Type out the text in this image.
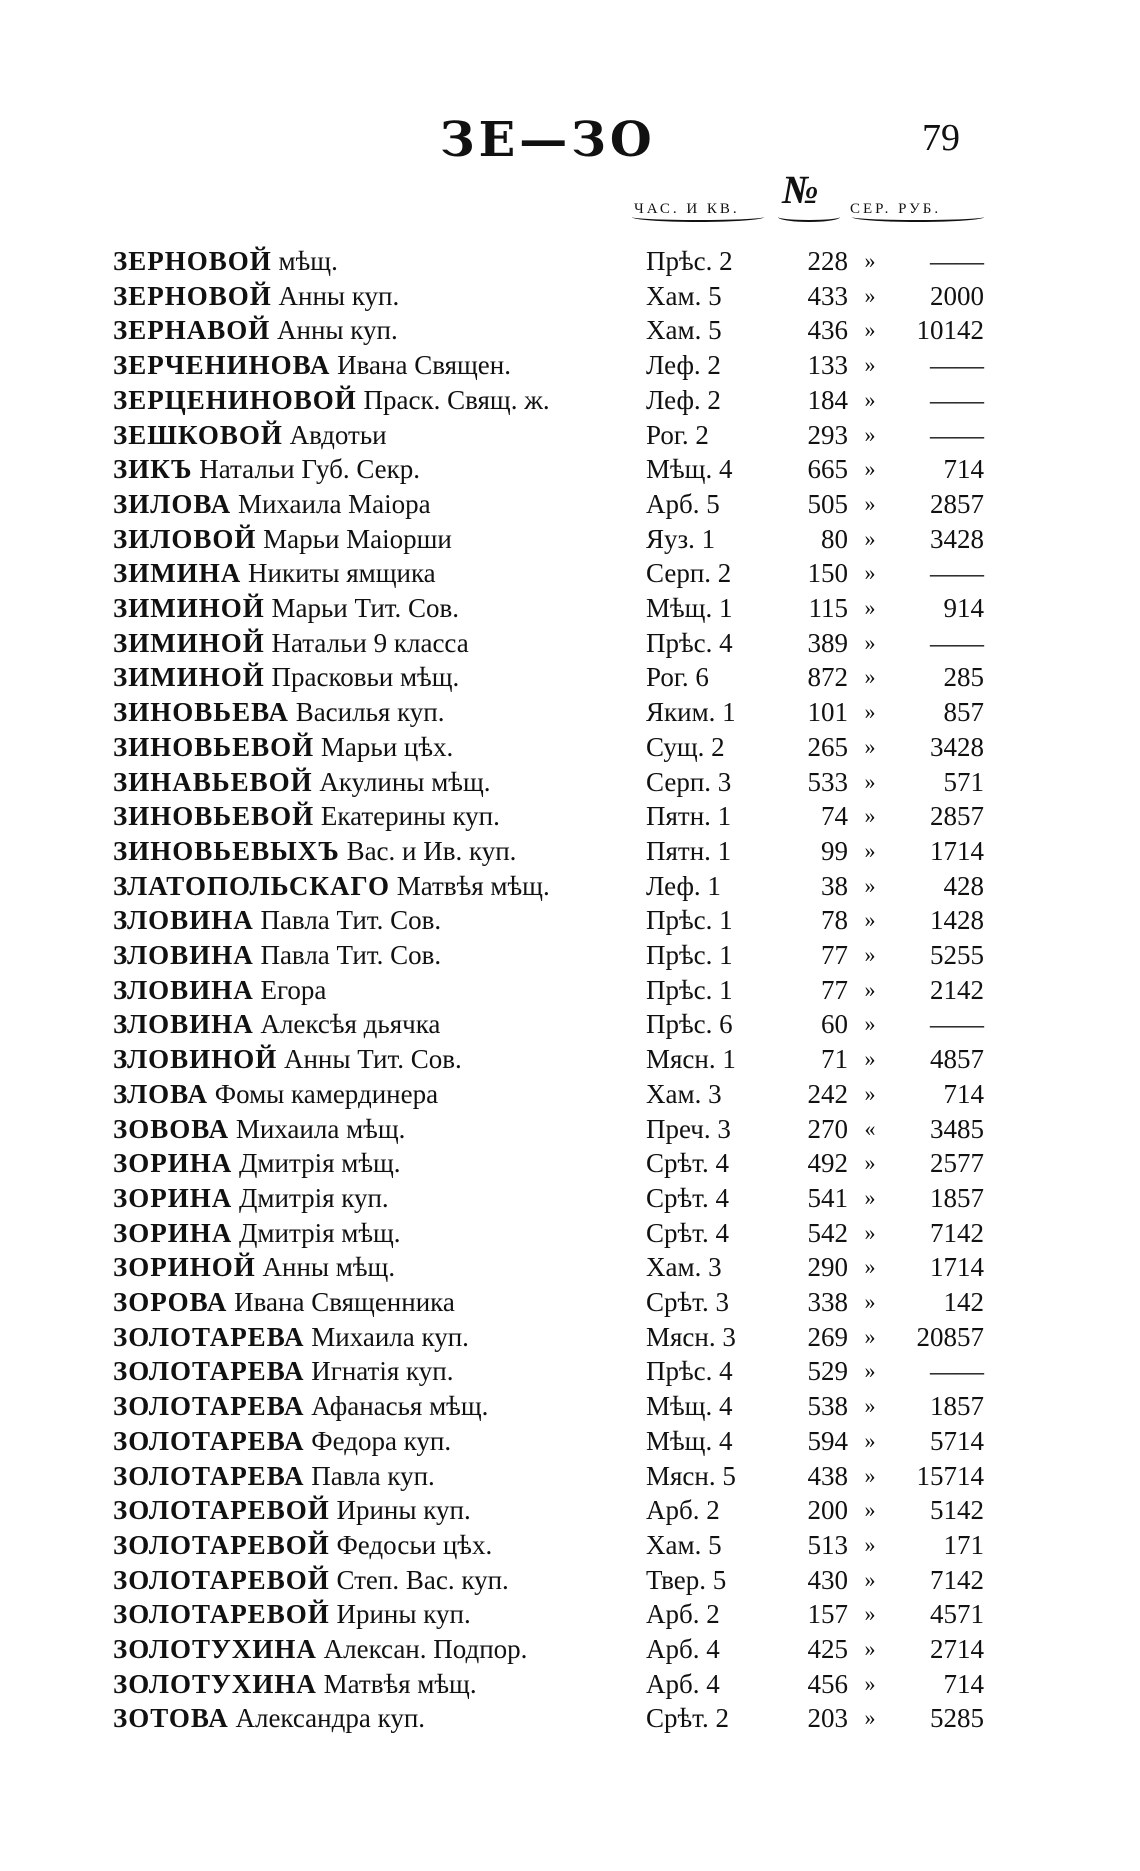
ЗЕ—ЗО	79
ЧАС. И КВ. № СЕР. РУБ.
ЗЕРНОВОЙ мѣщ.	Прѣс. 2	228 »	——
ЗЕРНОВОЙ Анны куп.	Хам. 5	433 »	2000
ЗЕРНАВОЙ Анны куп.	Хам. 5	436 »	10142
ЗЕРЧЕНИНОВА Ивана Священ.	Леф. 2	133 »	——
ЗЕРЦЕНИНОВОЙ Праск. Свящ. ж.	Леф. 2	184 »	——
ЗЕШКОВОЙ Авдотьи	Рог. 2	293 »	——
ЗИКЪ Натальи Губ. Секр.	Мѣщ. 4	665 »	714
ЗИЛОВА Михаила Маіора	Арб. 5	505 »	2857
ЗИЛОВОЙ Марьи Маіорши	Яуз. 1	80 »	3428
ЗИМИНА Никиты ямщика	Серп. 2	150 »	——
ЗИМИНОЙ Марьи Тит. Сов.	Мѣщ. 1	115 »	914
ЗИМИНОЙ Натальи 9 класса	Прѣс. 4	389 »	——
ЗИМИНОЙ Прасковьи мѣщ.	Рог. 6	872 »	285
ЗИНОВЬЕВА Василья куп.	Яким. 1	101 »	857
ЗИНОВЬЕВОЙ Марьи цѣх.	Сущ. 2	265 »	3428
ЗИНАВЬЕВОЙ Акулины мѣщ.	Серп. 3	533 »	571
ЗИНОВЬЕВОЙ Екатерины куп.	Пятн. 1	74 »	2857
ЗИНОВЬЕВЫХЪ Вас. и Ив. куп.	Пятн. 1	99 »	1714
ЗЛАТОПОЛЬСКАГО Матвѣя мѣщ.	Леф. 1	38 »	428
ЗЛОВИНА Павла Тит. Сов.	Прѣс. 1	78 »	1428
ЗЛОВИНА Павла Тит. Сов.	Прѣс. 1	77 »	5255
ЗЛОВИНА Егора	Прѣс. 1	77 »	2142
ЗЛОВИНА Алексѣя дьячка	Прѣс. 6	60 »	——
ЗЛОВИНОЙ Анны Тит. Сов.	Мясн. 1	71 »	4857
ЗЛОВА Фомы камердинера	Хам. 3	242 »	714
ЗОВОВА Михаила мѣщ.	Преч. 3	270 «	3485
ЗОРИНА Дмитрія мѣщ.	Срѣт. 4	492 »	2577
ЗОРИНА Дмитрія куп.	Срѣт. 4	541 »	1857
ЗОРИНА Дмитрія мѣщ.	Срѣт. 4	542 »	7142
ЗОРИНОЙ Анны мѣщ.	Хам. 3	290 »	1714
ЗОРОВА Ивана Священника	Срѣт. 3	338 »	142
ЗОЛОТАРЕВА Михаила куп.	Мясн. 3	269 »	20857
ЗОЛОТАРЕВА Игнатія куп.	Прѣс. 4	529 »	——
ЗОЛОТАРЕВА Афанасья мѣщ.	Мѣщ. 4	538 »	1857
ЗОЛОТАРЕВА Федора куп.	Мѣщ. 4	594 »	5714
ЗОЛОТАРЕВА Павла куп.	Мясн. 5	438 »	15714
ЗОЛОТАРЕВОЙ Ирины куп.	Арб. 2	200 »	5142
ЗОЛОТАРЕВОЙ Федосьи цѣх.	Хам. 5	513 »	171
ЗОЛОТАРЕВОЙ Степ. Вас. куп.	Твер. 5	430 »	7142
ЗОЛОТАРЕВОЙ Ирины куп.	Арб. 2	157 »	4571
ЗОЛОТУХИНА Алексан. Подпор.	Арб. 4	425 »	2714
ЗОЛОТУХИНА Матвѣя мѣщ.	Арб. 4	456 »	714
ЗОТОВА Александра куп.	Срѣт. 2	203 »	5285
